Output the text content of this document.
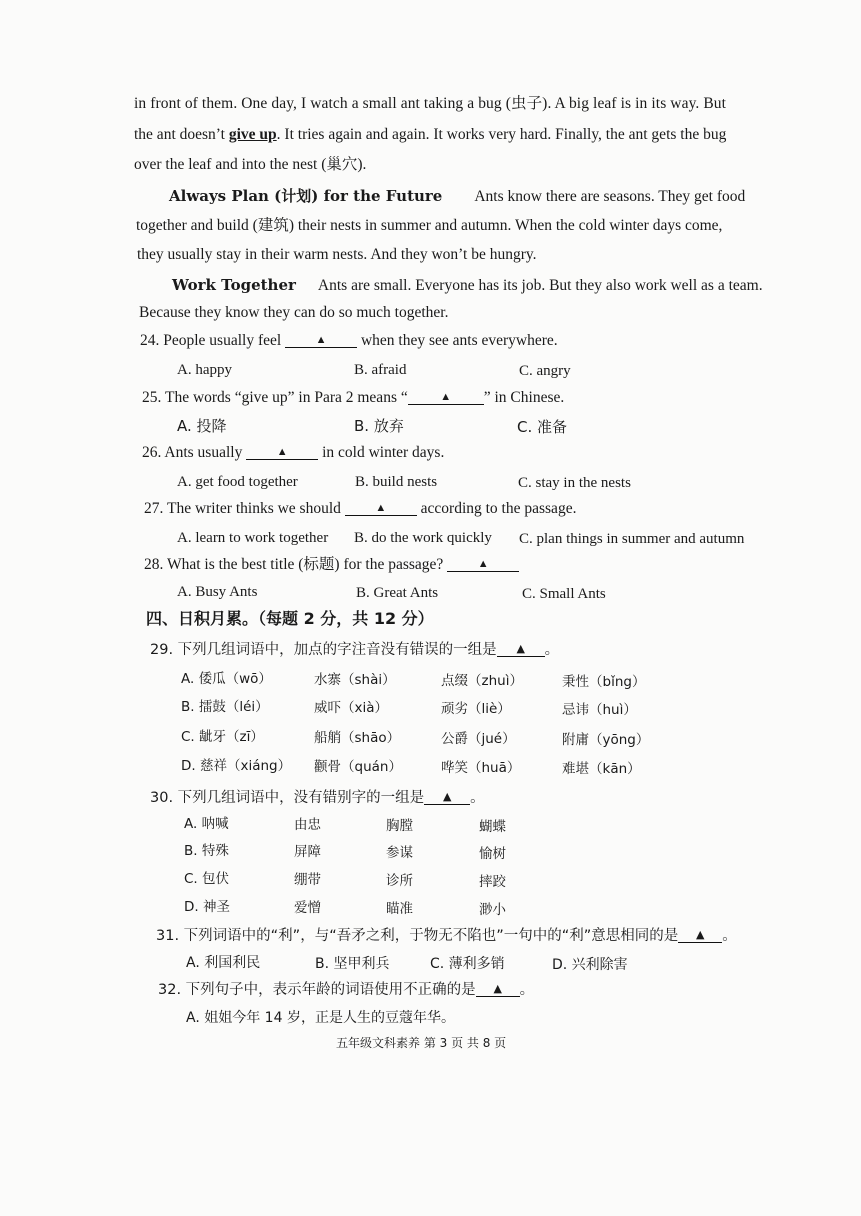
in front of them. One day, I watch a small ant taking a bug (虫子). A big leaf is in its way. But
the ant doesn’t give up. It tries again and again. It works very hard. Finally, the ant gets the bug
over the leaf and into the nest (巢穴).
Always Plan (计划) for the Future Ants know there are seasons. They get food
together and build (建筑) their nests in summer and autumn. When the cold winter days come,
they usually stay in their warm nests. And they won’t be hungry.
Work Together Ants are small. Everyone has its job. But they also work well as a team.
Because they know they can do so much together.
24. People usually feel	▲ when they see ants everywhere.
A. happy	B. afraid	C. angry
25. The words “give up” in Para 2 means “	▲ ” in Chinese.
A. 投降	B. 放弃	C. 准备
26. Ants usually	▲ in cold winter days.
A. get food together	B. build nests	C. stay in the nests
27. The writer thinks we should	▲ according to the passage.
A. learn to work together B. do the work quickly C. plan things in summer and autumn
28. What is the best title (标题) for the passage?	▲
A. Busy Ants	B. Great Ants	C. Small Ants
四、日积月累。（每题 2 分，共 12 分）
29. 下列几组词语中，加点的字注音没有错误的一组是 ▲ 。
A. 倭瓜（wō）	水寨（shài）	点缀（zhuì）	秉性（bǐng）
B. 擂鼓（léi）	威吓（xià）	顽劣（liè）	忌讳（huì）
C. 龇牙（zī）	船艄（shāo）	公爵（jué）	附庸（yōng）
D. 慈祥（xiáng） 颧骨（quán）	哗笑（huā）	难堪（kān）
30. 下列几组词语中，没有错别字的一组是 ▲ 。
A. 呐喊	由忠	胸膛	蝴蝶
B. 特殊	屏障	参谋	愉树
C. 包伏	绷带	诊所	摔跤
D. 神圣	爱憎	瞄准	渺小
31. 下列词语中的“利”，与“吾矛之利，于物无不陷也”一句中的“利”意思相同的是 ▲ 。
A. 利国利民	B. 坚甲利兵	C. 薄利多销	D. 兴利除害
32. 下列句子中，表示年龄的词语使用不正确的是 ▲ 。
A. 姐姐今年 14 岁，正是人生的豆蔻年华。
五年级文科素养 第 3 页 共 8 页
